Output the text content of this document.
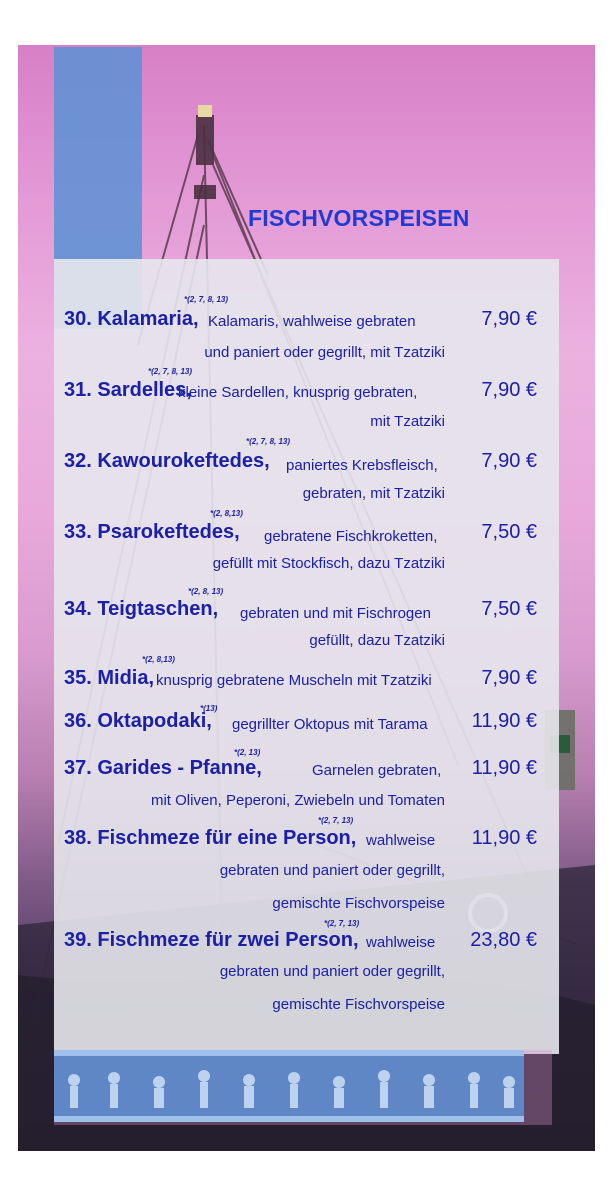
FISCHVORSPEISEN
*(2, 7, 8, 13)
30. Kalamaria, Kalamaris, wahlweise gebraten	7,90 €
und paniert oder gegrillt, mit Tzatziki
*(2, 7, 8, 13)
31. Sardelles,
kleine Sardellen, knusprig gebraten,	7,90 €
mit Tzatziki
*(2, 7, 8, 13)
32. Kawourokeftedes, paniertes Krebsfleisch, 7,90 €
gebraten, mit Tzatziki
*(2, 8,13)
33. Psarokeftedes, gebratene Fischkroketten, 7,50 €
gefüllt mit Stockfisch, dazu Tzatziki
*(2, 8, 13)
34. Teigtaschen, gebraten und mit Fischrogen	7,50 €
gefüllt, dazu Tzatziki
*(2, 8,13)
35. Midia, knusprig gebratene Muscheln mit Tzatziki 7,90 €
*(13)
36. Oktapodaki, gegrillter Oktopus mit Tarama 11,90 €
*(2, 13)
37. Garides - Pfanne,	Garnelen gebraten, 11,90 €
mit Oliven, Peperoni, Zwiebeln und Tomaten
*(2, 7, 13)
38. Fischmeze für eine Person, wahlweise 11,90 €
gebraten und paniert oder gegrillt,
gemischte Fischvorspeise
*(2, 7, 13)
39. Fischmeze für zwei Person, wahlweise 23,80 €
gebraten und paniert oder gegrillt,
gemischte Fischvorspeise
